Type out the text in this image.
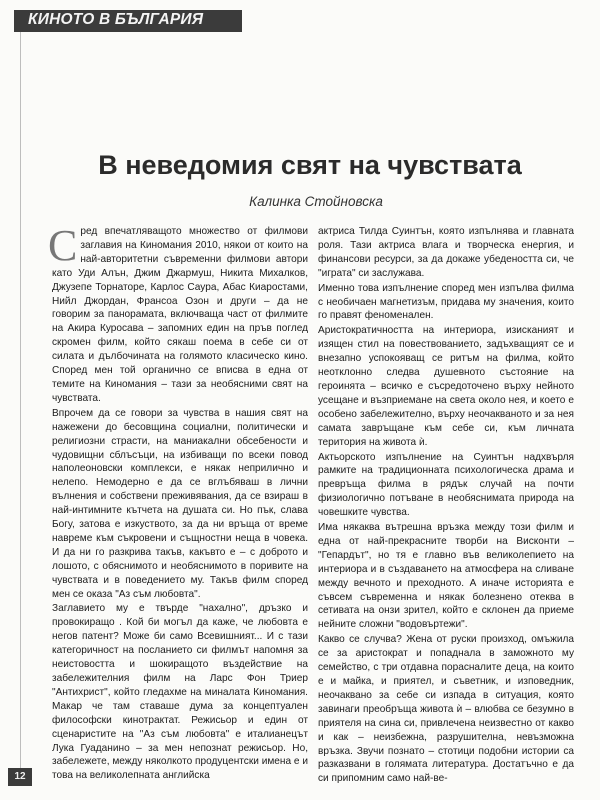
КИНОТО В БЪЛГАРИЯ
В неведомия свят на чувствата
Калинка Стойновска

Сред впечатляващото множество от филмови заглавия на Киномания 2010, някои от които на най-авторитетни съвременни филмови автори като Уди Алън, Джим Джармуш, Никита Михалков, Джузепе Торнаторе, Карлос Саура, Абас Киаростами, Нийл Джордан, Франсоа Озон и други – да не говорим за панорамата, включваща част от филмите на Акира Куросава – запомних един на пръв поглед скромен филм, който сякаш поема в себе си от силата и дълбочината на голямото класическо кино. Според мен той органично се вписва в една от темите на Киномания – тази за необясними свят на чувствата.

Впрочем да се говори за чувства в нашия свят на нажежени до бесовщина социални, политически и религиозни страсти, на маниакални обсебености и чудовищни сблъсъци, на избиващи по всеки повод наполеоновски комплекси, е някак неприлично и нелепо. Немодерно е да се вглъбяваш в лични вълнения и собствени преживявания, да се взираш в най-интимните кътчета на душата си. Но пък, слава Богу, затова е изкуството, за да ни връща от време навреме към съкровени и същностни неща в човека. И да ни го разкрива такъв, какъвто е – с доброто и лошото, с обяснимото и необяснимото в поривите на чувствата и в поведението му. Такъв филм според мен се оказа "Аз съм любовта".

Заглавието му е твърде "нахално", дръзко и провокиращо . Кой би могъл да каже, че любовта е негов патент? Може би само Всевишният... И с тази категоричност на посланието си филмът напомня за неистовостта и шокиращото въздействие на забележителния филм на Ларс Фон Триер "Антихрист", който гледахме на миналата Киномания. Макар че там ставаше дума за концептуален философски кинотрактат. Режисьор и един от сценаристите на "Аз съм любовта" е италианецът Лука Гуаданино – за мен непознат режисьор. Но, забележете, между няколкото продуцентски имена е и това на великолепната английска

актриса Тилда Суинтън, която изпълнява и главната роля. Тази актриса влага и творческа енергия, и финансови ресурси, за да докаже убедеността си, че "играта" си заслужава.

Именно това изпълнение според мен изпълва филма с необичаен магнетизъм, придава му значения, които го правят феноменален.

Аристократичността на интериора, изисканият и изящен стил на повествованието, задъхващият се и внезапно успокояващ се ритъм на филма, който неотклонно следва душевното състояние на героинята – всичко е съсредоточено върху нейното усещане и възприемане на света около нея, и което е особено забележително, върху неочакваното и за нея самата завръщане към себе си, към личната територия на живота ѝ.

Актьорското изпълнение на Суинтън надхвърля рамките на традиционната психологическа драма и превръща филма в рядък случай на почти физиологично потъване в необяснимата природа на човешките чувства.

Има някаква вътрешна връзка между този филм и една от най-прекрасните творби на Висконти – "Гепардът", но тя е главно във великолепието на интериора и в създаването на атмосфера на сливане между вечното и преходното. А иначе историята е съвсем съвременна и някак болезнено отеква в сетивата на онзи зрител, който е склонен да приеме нейните сложни "водовъртежи".

Какво се случва? Жена от руски произход, омъжила се за аристократ и попаднала в заможното му семейство, с три отдавна порасналите деца, на които е и майка, и приятел, и съветник, и изповедник, неочаквано за себе си изпада в ситуация, която завинаги преобръща живота ѝ – влюбва се безумно в приятеля на сина си, привлечена неизвестно от какво и как – неизбежна, разрушителна, невъзможна връзка. Звучи познато – стотици подобни истории са разказвани в голямата литература. Достатъчно е да си припомним само най-ве-

12
